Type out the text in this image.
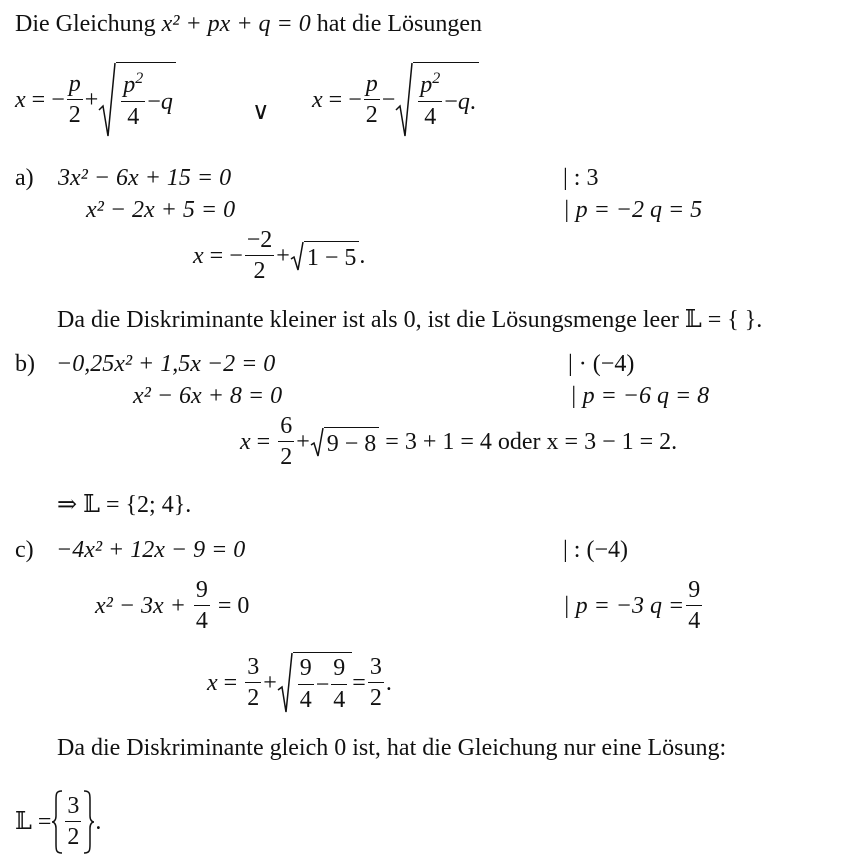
Die Gleichung x² + px + q = 0 hat die Lösungen
x = − $\frac{p}{2} + \frac{p^2}{4} - q$	∨ x = − $\frac{p}{2} - \frac{p^2}{4} - q$ .
a) 3x² − 6x + 15 = 0	| : 3
x² − 2x + 5 = 0	| p = −2 q = 5
x = − $\frac{-2}{2} + 1 - 5$ .
Da die Diskriminante kleiner ist als 0, ist die Lösungsmenge leer 𝕃 = { }.
b) −0,25x² + 1,5x −2 = 0	| · (−4)
x² − 6x + 8 = 0	| p = −6 q = 8
$x = \frac{6}{2} + 9 - 8$
= 3 + 1 = 4 oder x = 3 − 1 = 2.
⇒ 𝕃 = {2; 4}.
c) −4x² + 12x − 9 = 0	| : (−4)
x² − 3x +
$\frac{9}{4}$
= 0	| p = −3 $q = \frac{9}{4}$
$x = \frac{3}{2} + \frac{9}{4} - \frac{9}{4} = \frac{3}{2}$ .
Da die Diskriminante gleich 0 ist, hat die Gleichung nur eine Lösung:
𝕃 = $\frac{3}{2}$ .
